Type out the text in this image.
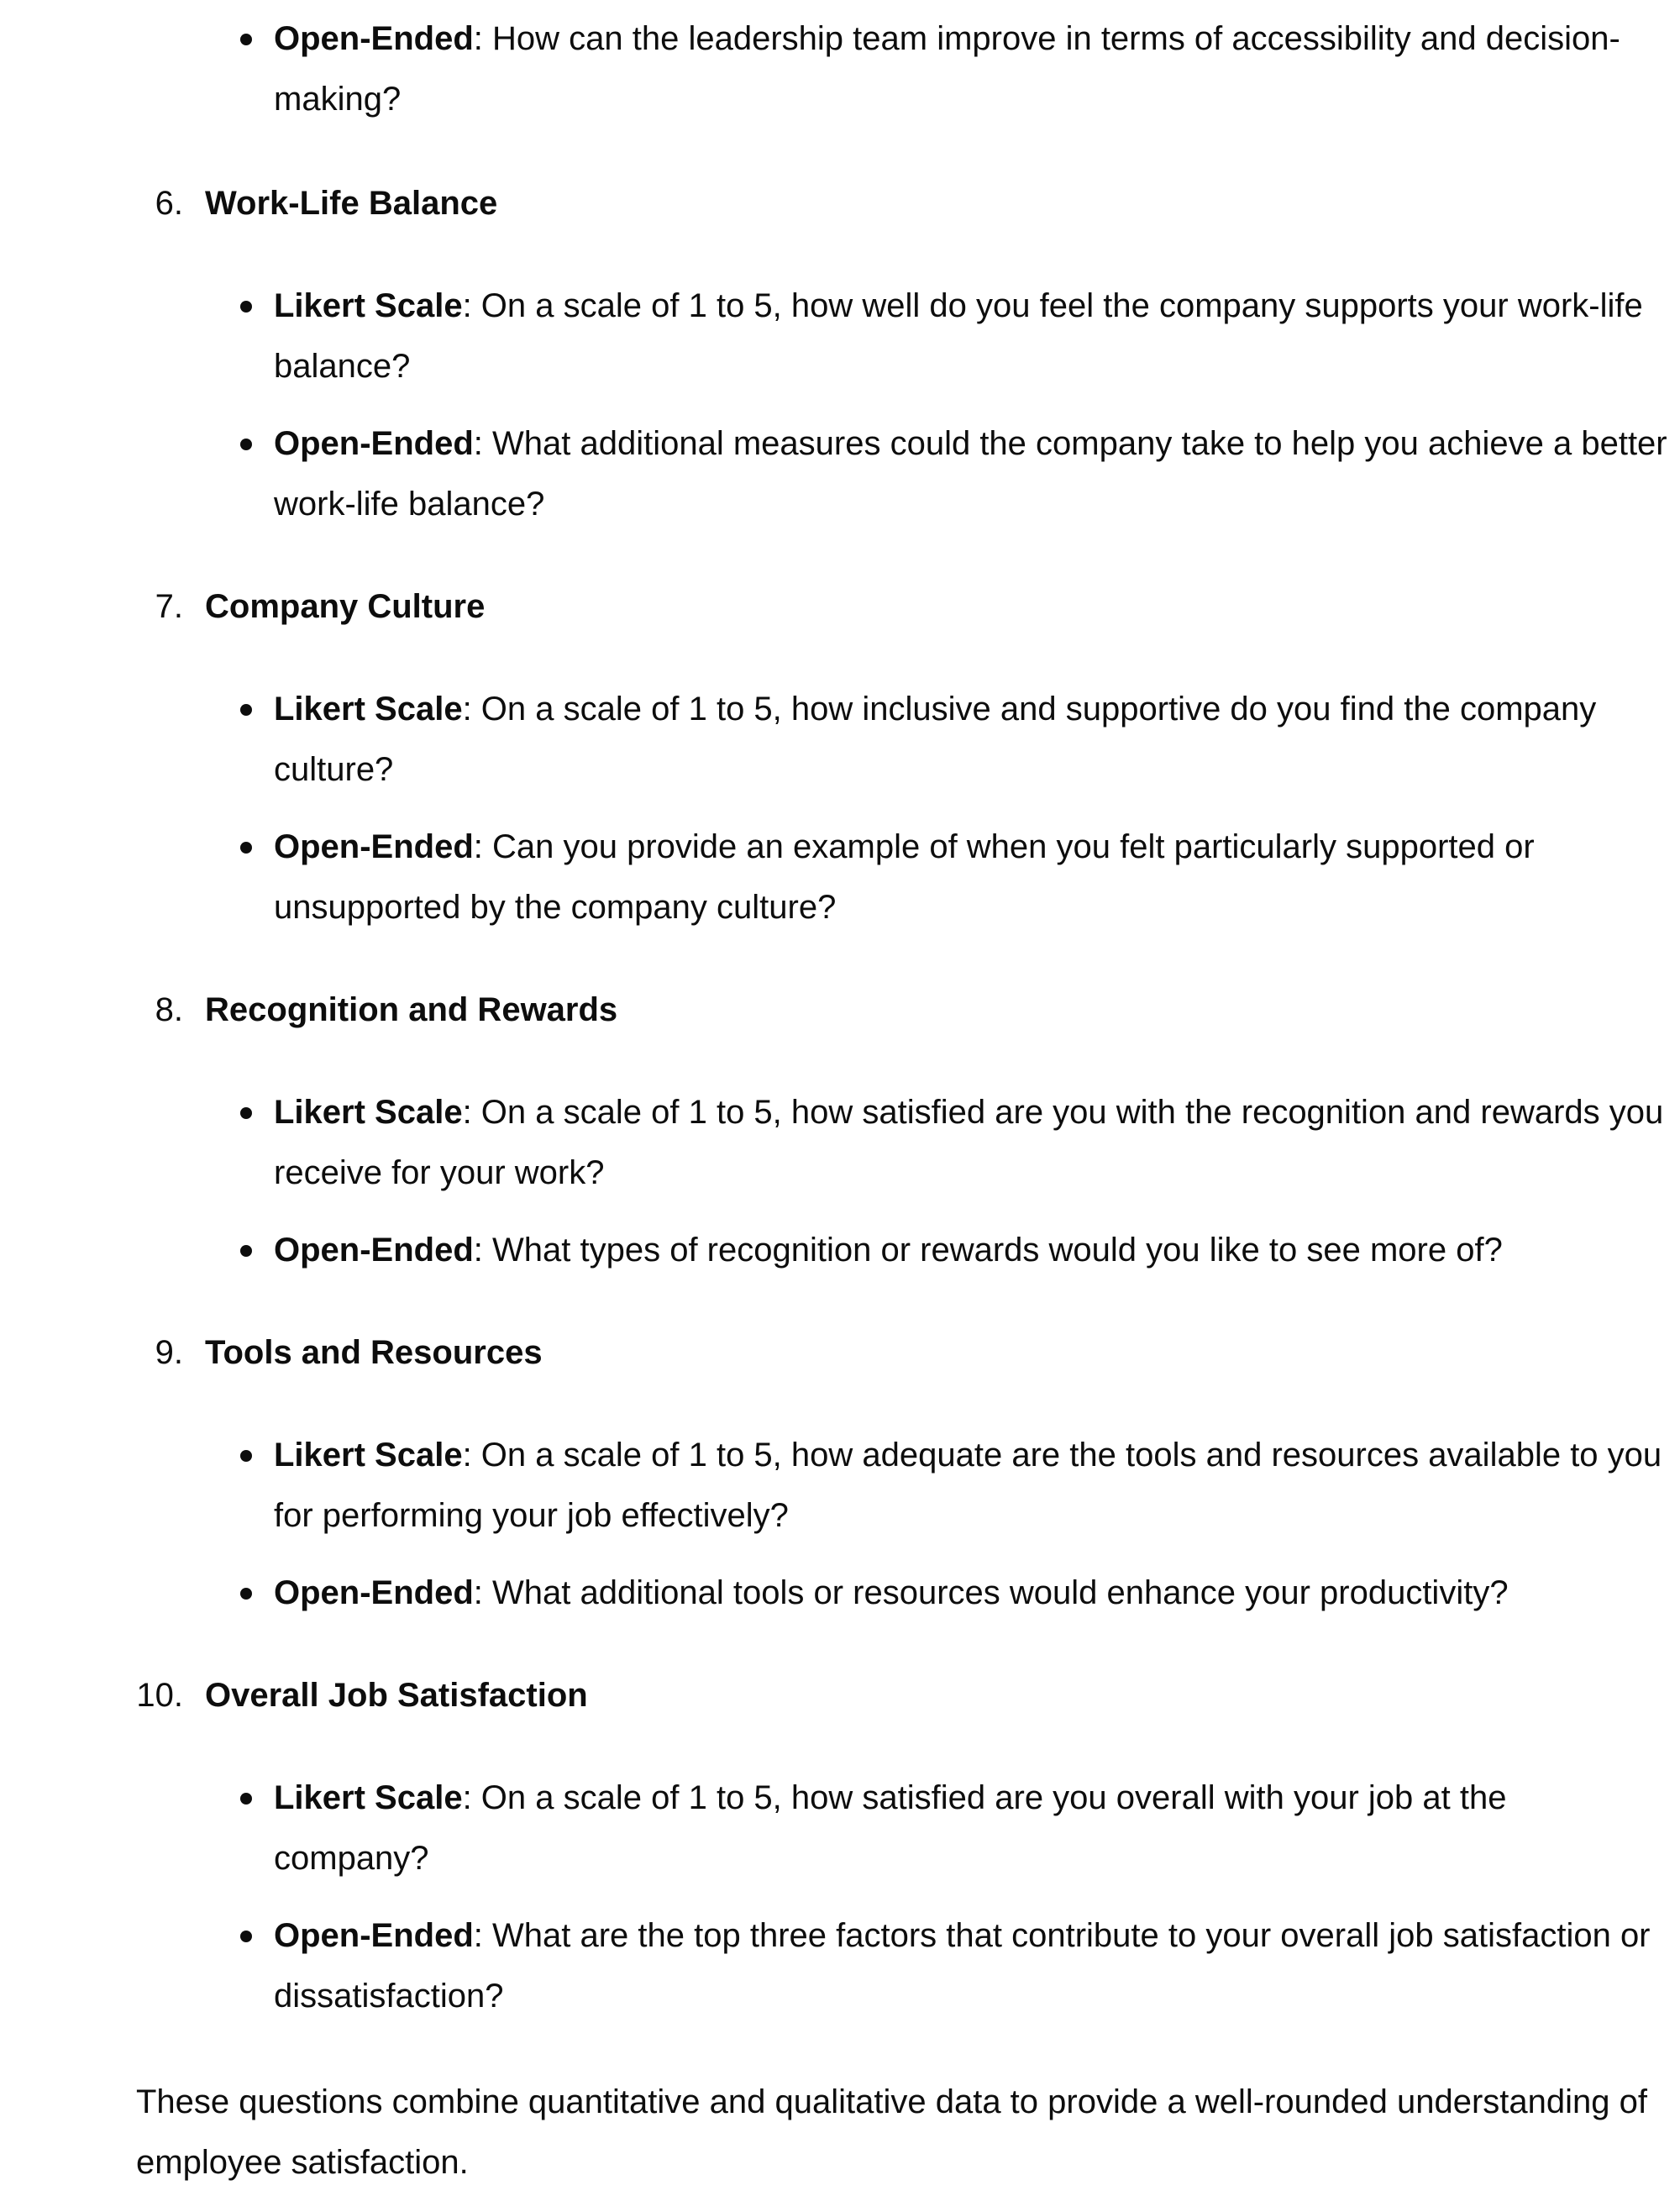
Open-Ended: How can the leadership team improve in terms of accessibility and decision-making?
6. Work-Life Balance
Likert Scale: On a scale of 1 to 5, how well do you feel the company supports your work-life balance?
Open-Ended: What additional measures could the company take to help you achieve a better work-life balance?
7. Company Culture
Likert Scale: On a scale of 1 to 5, how inclusive and supportive do you find the company culture?
Open-Ended: Can you provide an example of when you felt particularly supported or unsupported by the company culture?
8. Recognition and Rewards
Likert Scale: On a scale of 1 to 5, how satisfied are you with the recognition and rewards you receive for your work?
Open-Ended: What types of recognition or rewards would you like to see more of?
9. Tools and Resources
Likert Scale: On a scale of 1 to 5, how adequate are the tools and resources available to you for performing your job effectively?
Open-Ended: What additional tools or resources would enhance your productivity?
10. Overall Job Satisfaction
Likert Scale: On a scale of 1 to 5, how satisfied are you overall with your job at the company?
Open-Ended: What are the top three factors that contribute to your overall job satisfaction or dissatisfaction?

These questions combine quantitative and qualitative data to provide a well-rounded understanding of employee satisfaction.
